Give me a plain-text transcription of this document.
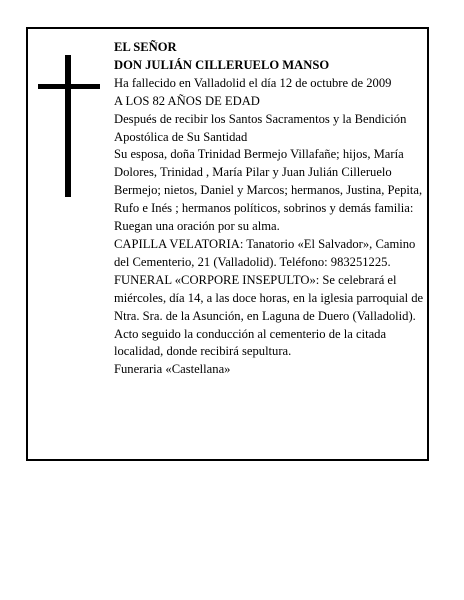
EL SEÑOR

DON JULIÁN CILLERUELO MANSO

Ha fallecido en Valladolid el día 12 de octubre de 2009

A LOS 82 AÑOS DE EDAD

Después de recibir los Santos Sacramentos y la Bendición Apostólica de Su Santidad

Su esposa, doña Trinidad Bermejo Villafañe; hijos, María Dolores, Trinidad , María Pilar y Juan Julián Cilleruelo Bermejo; nietos, Daniel y Marcos; hermanos, Justina, Pepita, Rufo e Inés ; hermanos políticos, sobrinos y demás familia:

Ruegan una oración por su alma.

CAPILLA VELATORIA: Tanatorio «El Salvador», Camino del Cementerio, 21 (Valladolid). Teléfono: 983251225.

FUNERAL «CORPORE INSEPULTO»: Se celebrará el miércoles, día 14, a las doce horas, en la iglesia parroquial de Ntra. Sra. de la Asunción, en Laguna de Duero (Valladolid). Acto seguido la conducción al cementerio de la citada localidad, donde recibirá sepultura.

Funeraria «Castellana»
